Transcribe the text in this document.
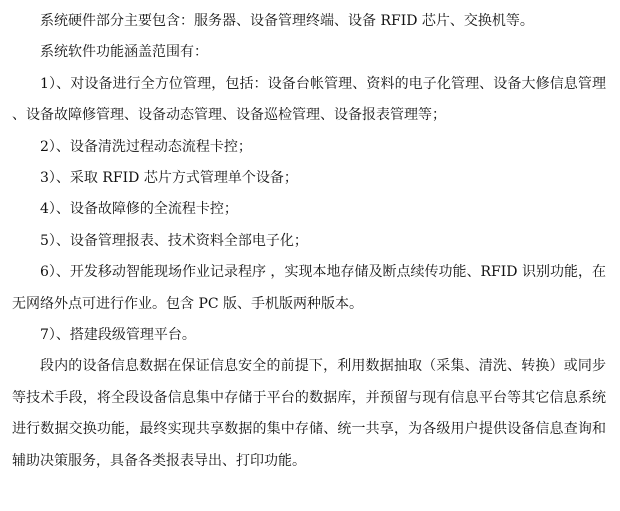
系统硬件部分主要包含：服务器、设备管理终端、设备 RFID 芯片、交换机等。

系统软件功能涵盖范围有：

1）、对设备进行全方位管理，包括：设备台帐管理、资料的电子化管理、设备大修信息管理 、设备故障修管理、设备动态管理、设备巡检管理、设备报表管理等；

2）、设备清洗过程动态流程卡控；

3）、采取 RFID 芯片方式管理单个设备；

4）、设备故障修的全流程卡控；

5）、设备管理报表、技术资料全部电子化；

6）、开发移动智能现场作业记录程序 ，实现本地存储及断点续传功能、RFID 识别功能，在无网络外点可进行作业。包含 PC 版、手机版两种版本。

7）、搭建段级管理平台。

段内的设备信息数据在保证信息安全的前提下，利用数据抽取（采集、清洗、转换）或同步等技术手段，将全段设备信息集中存储于平台的数据库，并预留与现有信息平台等其它信息系统进行数据交换功能，最终实现共享数据的集中存储、统一共享，为各级用户提供设备信息查询和辅助决策服务，具备各类报表导出、打印功能。
